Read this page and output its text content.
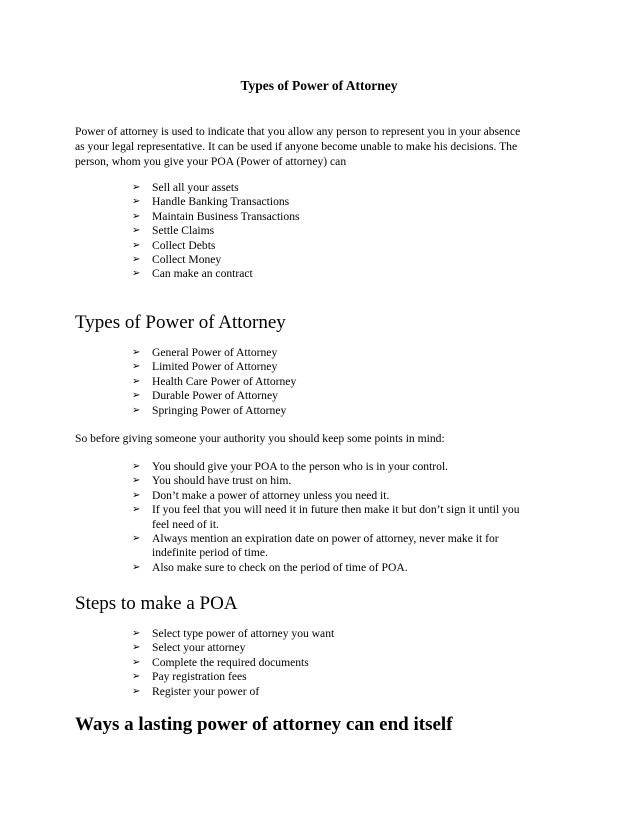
Types of Power of Attorney
Power of attorney is used to indicate that you allow any person to represent you in your absence
as your legal representative. It can be used if anyone become unable to make his decisions. The
person, whom you give your POA (Power of attorney) can
➢ Sell all your assets
➢ Handle Banking Transactions
➢ Maintain Business Transactions
➢ Settle Claims
➢ Collect Debts
➢ Collect Money
➢ Can make an contract
Types of Power of Attorney
➢ General Power of Attorney
➢ Limited Power of Attorney
➢ Health Care Power of Attorney
➢ Durable Power of Attorney
➢ Springing Power of Attorney
So before giving someone your authority you should keep some points in mind:
➢ You should give your POA to the person who is in your control.
➢ You should have trust on him.
➢ Don’t make a power of attorney unless you need it.
➢ If you feel that you will need it in future then make it but don’t sign it until you
feel need of it.
➢ Always mention an expiration date on power of attorney, never make it for
indefinite period of time.
➢ Also make sure to check on the period of time of POA.
Steps to make a POA
➢ Select type power of attorney you want
➢ Select your attorney
➢ Complete the required documents
➢ Pay registration fees
➢ Register your power of
Ways a lasting power of attorney can end itself
